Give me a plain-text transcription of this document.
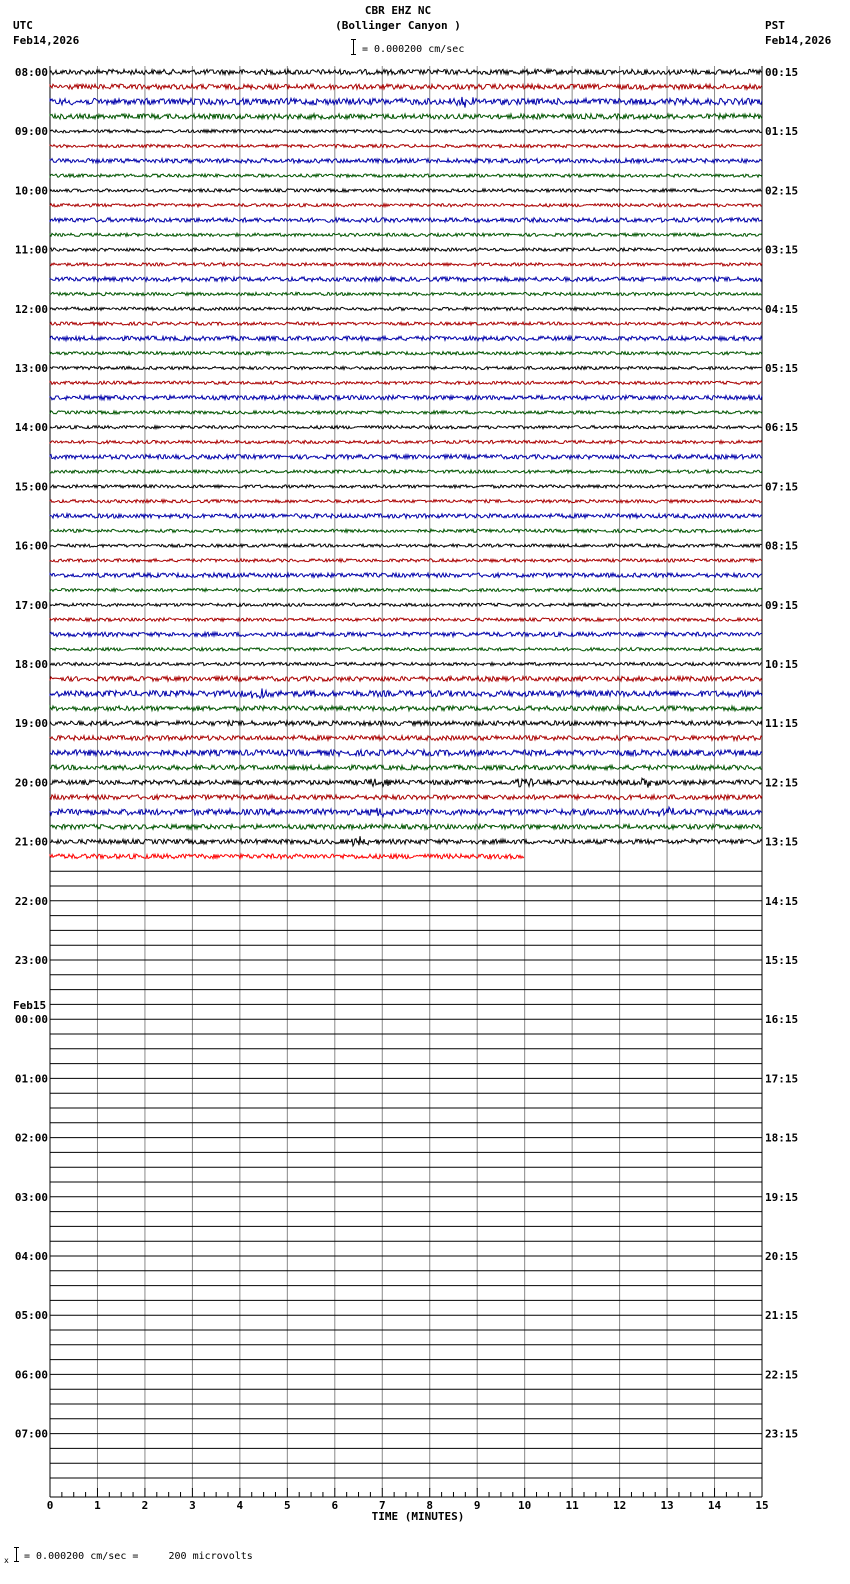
CBR EHZ NC
(Bollinger Canyon )
= 0.000200 cm/sec
UTC
Feb14,2026
PST
Feb14,2026
08:00	00:15
09:00	01:15
10:00	02:15
11:00	03:15
12:00	04:15
13:00	05:15
14:00	06:15
15:00	07:15
16:00	08:15
17:00	09:15
18:00	10:15
19:00	11:15
20:00	12:15
21:00	13:15
22:00	14:15
23:00	15:15
00:00	16:15
Feb15
01:00	17:15
02:00	18:15
03:00	19:15
04:00	20:15
05:00	21:15
06:00	22:15
07:00	23:15
0	1	2	3	4	5	6	7	8	9	10	11	12	13	14	15
TIME (MINUTES)
x = 0.000200 cm/sec =     200 microvolts
